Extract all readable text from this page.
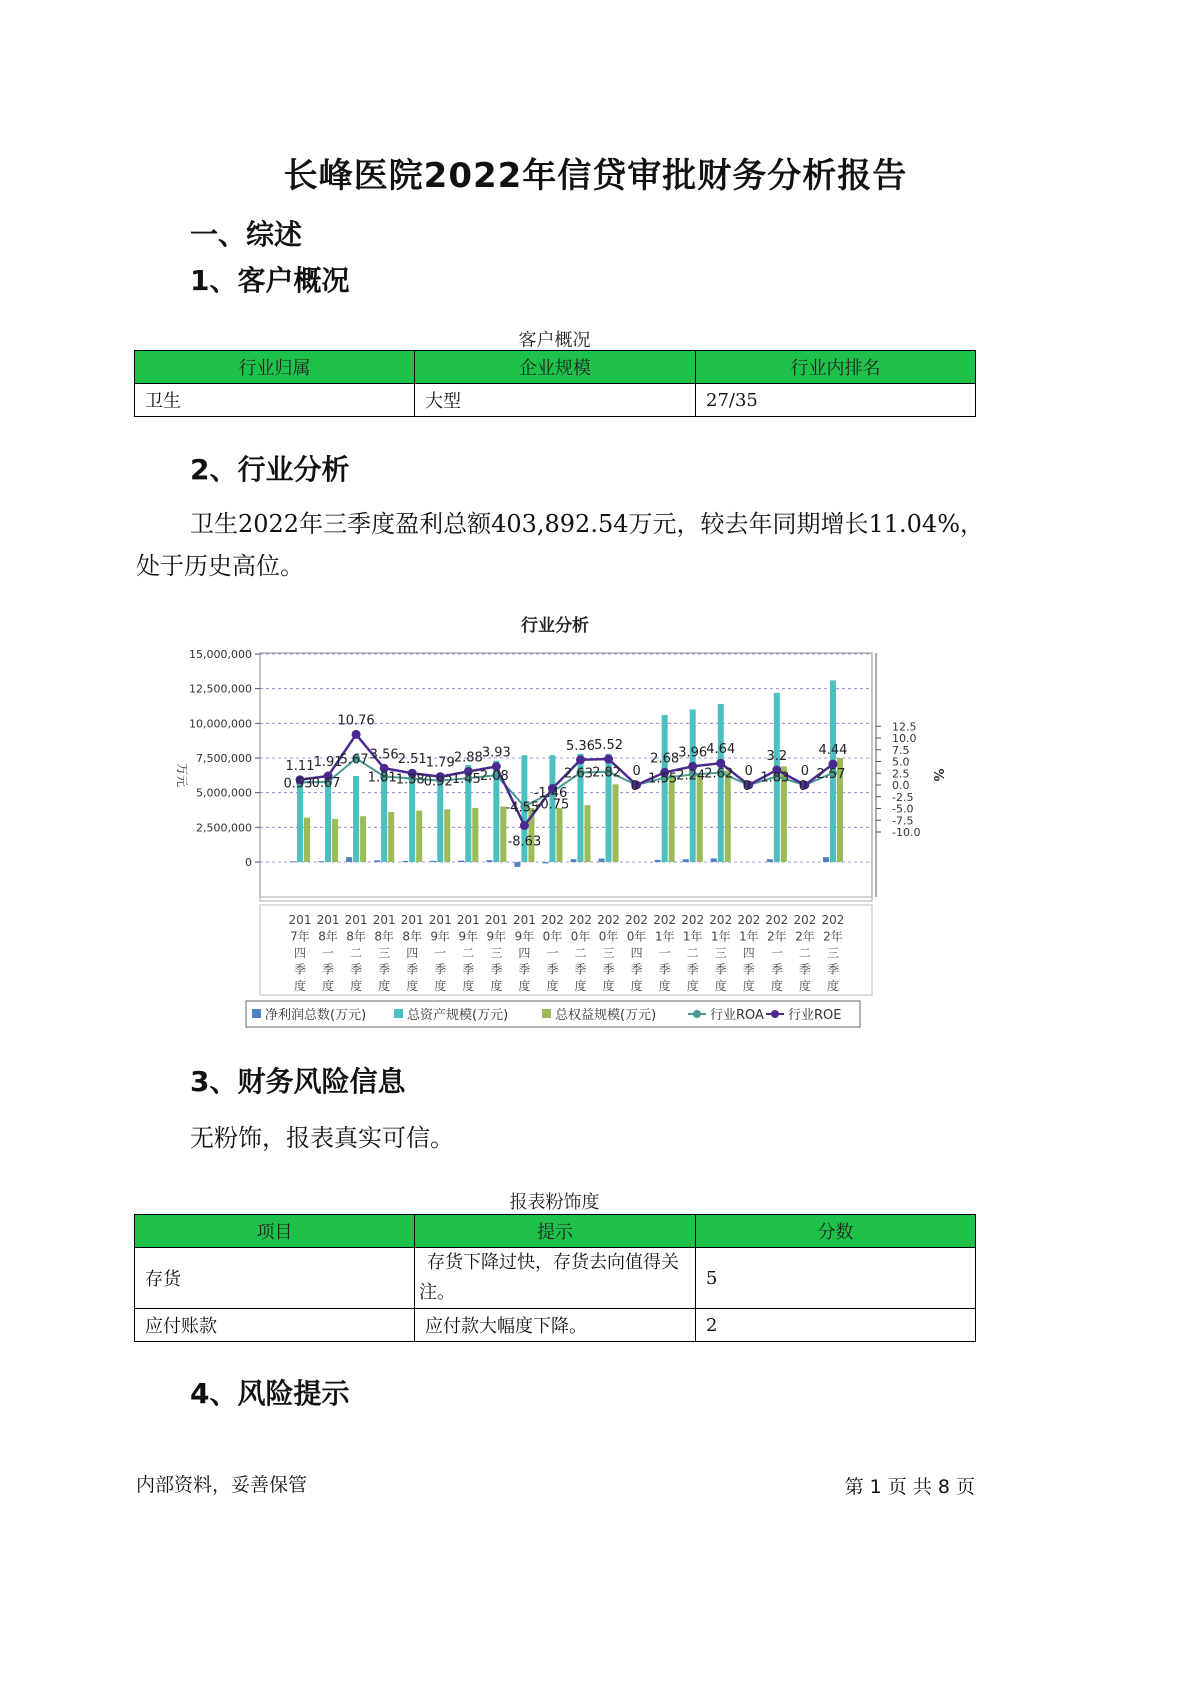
长峰医院2022年信贷审批财务分析报告
一、综述
1、客户概况
客户概况
行业归属	企业规模	行业内排名
卫生	大型	27/35
2、行业分析
卫生2022年三季度盈利总额403,892.54万元，较去年同期增长11.04%，
处于历史高位。
行业分析
万元	%
15,000,000
12,500,000
10,000,000
7,500,000
5,000,000
2,500,000
0
12.5
10.0
7.5
5.0
2.5
0.0
-2.5
-5.0
-7.5
-10.0
0.53 0.67
5.67
1.81 1.38 0.92 1.45 2.08
-4.55
-1.46
2.63 2.82
0 1.55 2.24 2.62
0
1.83
0
2.57
1.11 1.91
10.76
3.56 2.51 1.79 2.88 3.93
-8.63
-0.75
5.36 5.52
0
2.68 3.96 4.64
0
3.2
0
4.44
201
7年
四
季
度
201
8年
一
季
度
201
8年
二
季
度
201
8年
三
季
度
201
8年
四
季
度
201
9年
一
季
度
201
9年
二
季
度
201
9年
三
季
度
201
9年
四
季
度
202
0年
一
季
度
202
0年
二
季
度
202
0年
三
季
度
202
0年
四
季
度
202
1年
一
季
度
202
1年
二
季
度
202
1年
三
季
度
202
1年
四
季
度
202
2年
一
季
度
202
2年
二
季
度
202
2年
三
季
度
净利润总数(万元)	总资产规模(万元)	总权益规模(万元)	行业ROA 行业ROE
3、财务风险信息
无粉饰，报表真实可信。
报表粉饰度
项目	提示	分数
存货	存货下降过快，存货去向值得关
注。	5
应付账款	应付款大幅度下降。	2
4、风险提示
内部资料，妥善保管	第 1 页 共 8 页
